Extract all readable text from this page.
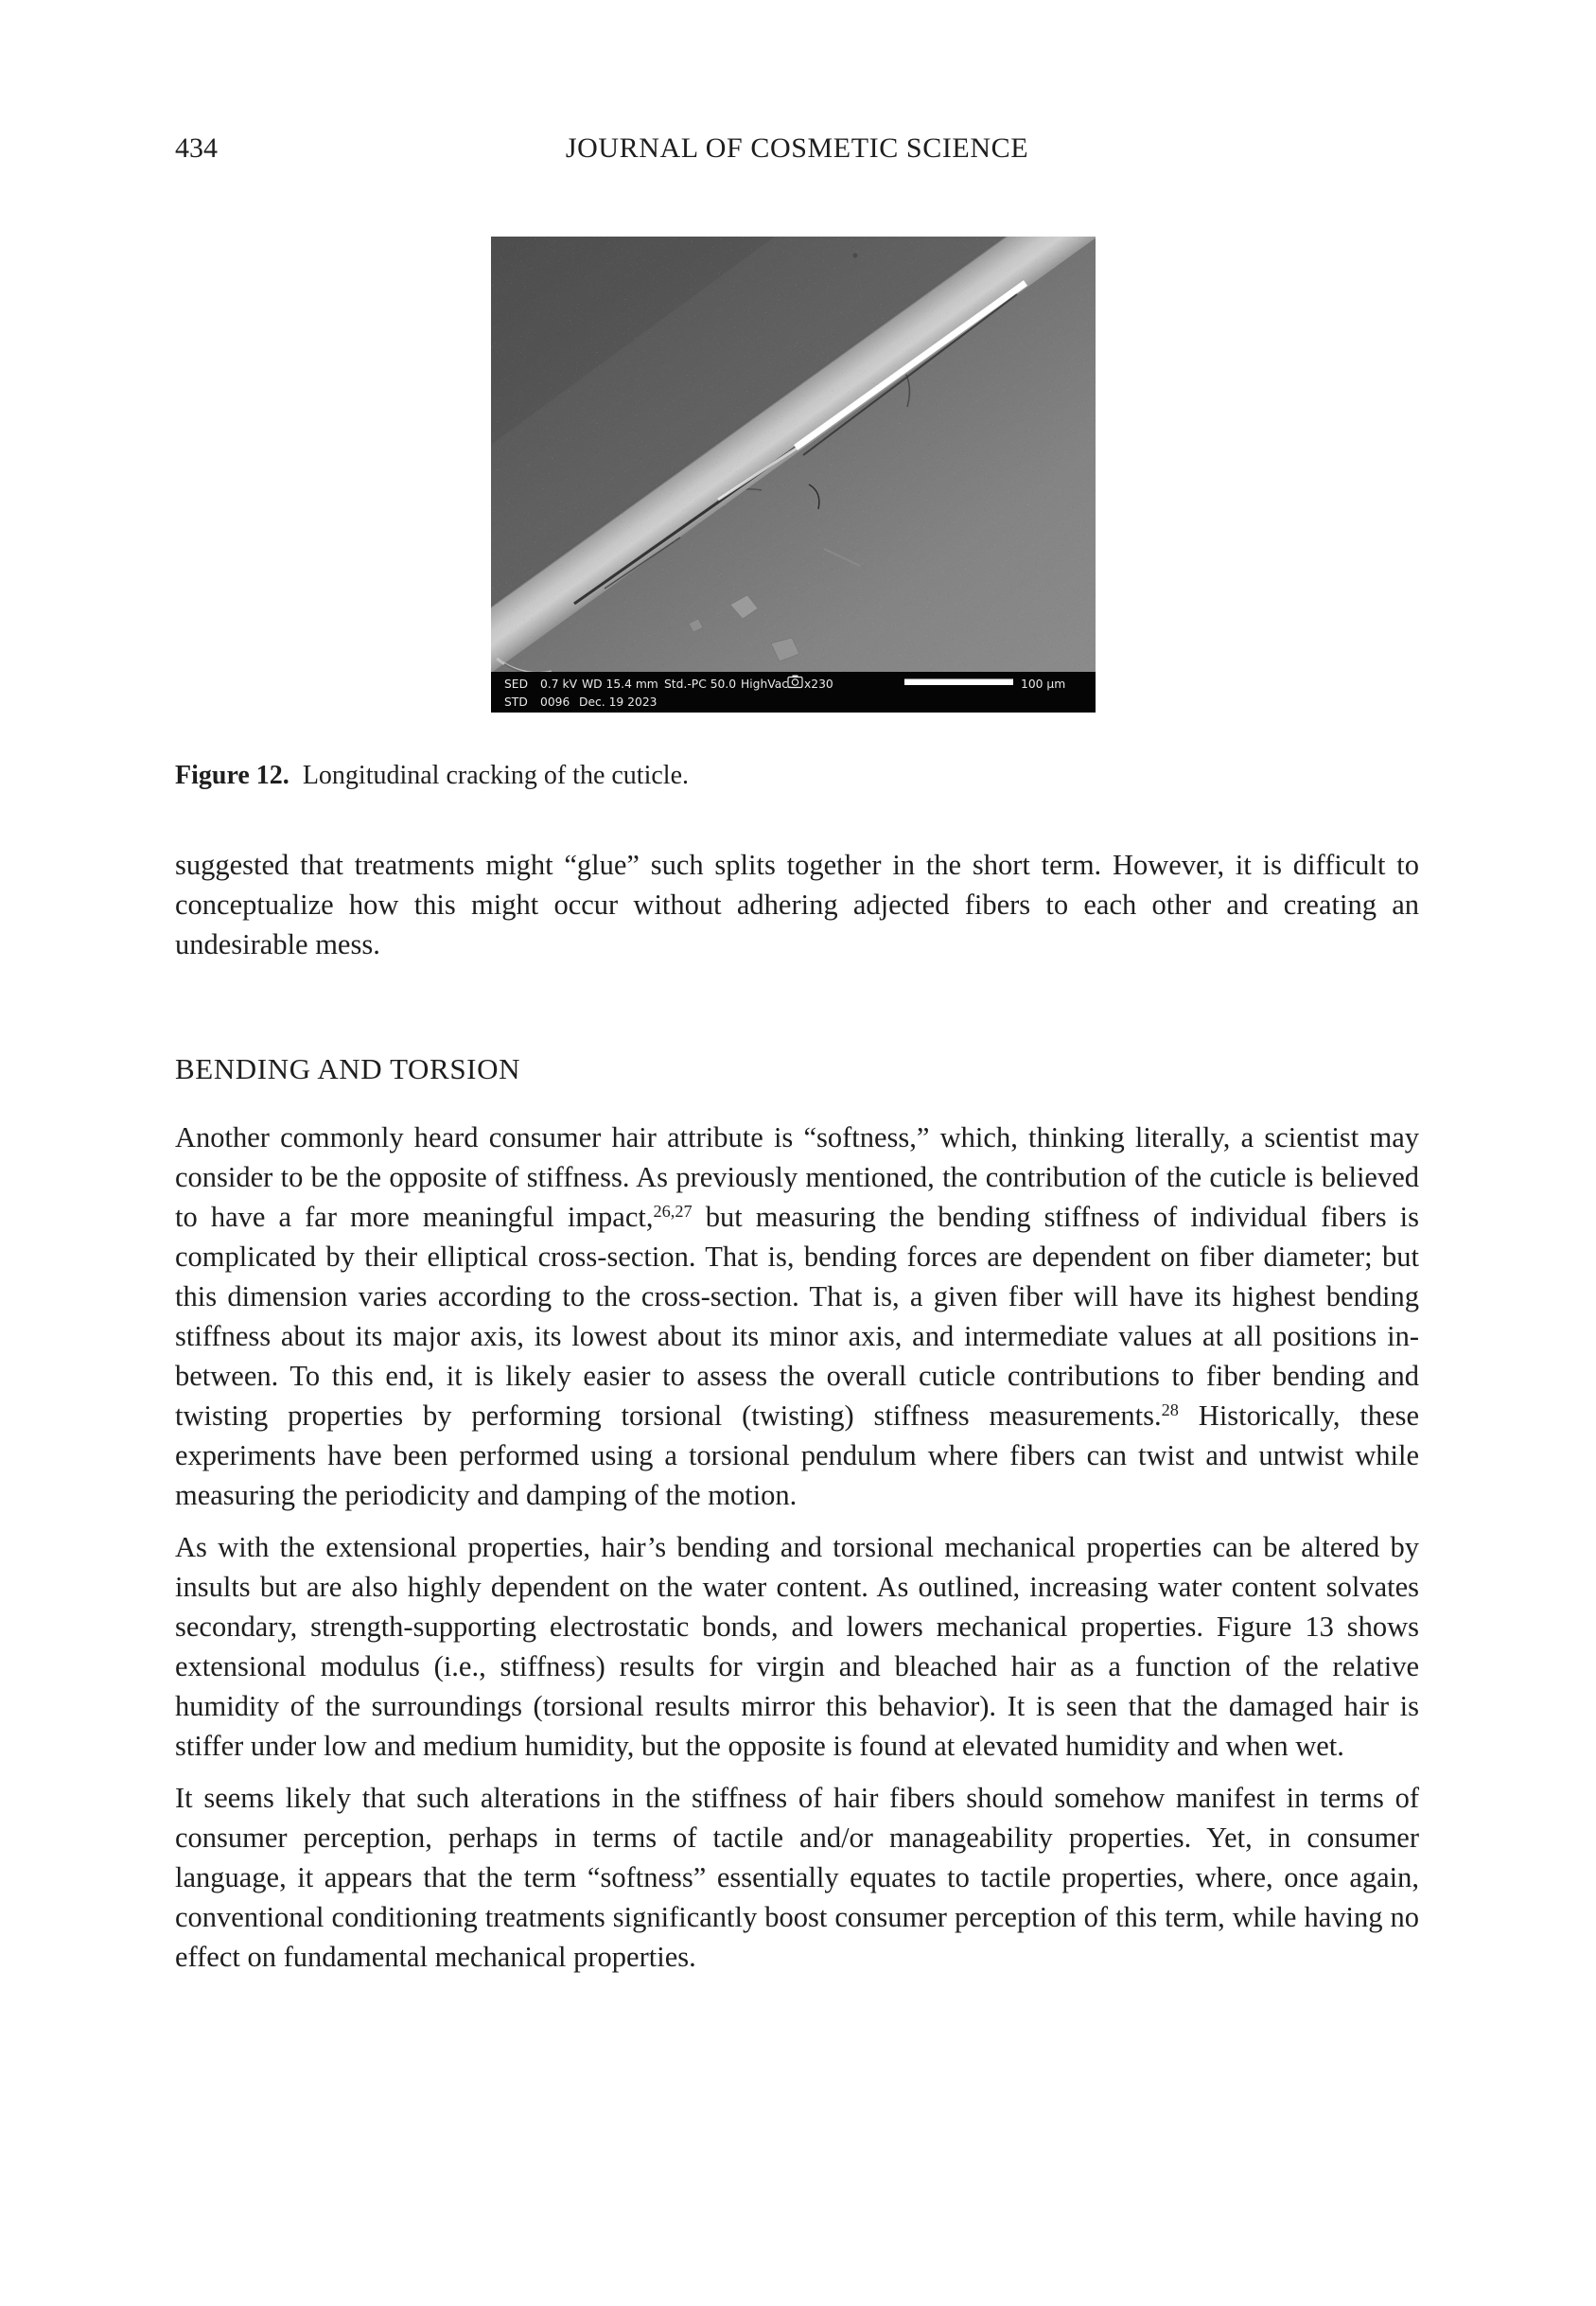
434	JOURNAL OF COSMETIC SCIENCE
SED 0.7 kV WD 15.4 mm Std.-PC 50.0 HighVac. x230	100 μm
STD 0096 Dec. 19 2023

Figure 12. Longitudinal cracking of the cuticle.

suggested that treatments might “glue” such splits together in the short term. However, it is difficult to conceptualize how this might occur without adhering adjected fibers to each other and creating an undesirable mess.

BENDING AND TORSION

Another commonly heard consumer hair attribute is “softness,” which, thinking literally, a scientist may consider to be the opposite of stiffness. As previously mentioned, the contribution of the cuticle is believed to have a far more meaningful impact,$^{26,27}$ but measuring the bending stiffness of individual fibers is complicated by their elliptical cross-section. That is, bending forces are dependent on fiber diameter; but this dimension varies according to the cross-section. That is, a given fiber will have its highest bending stiffness about its major axis, its lowest about its minor axis, and intermediate values at all positions in-between. To this end, it is likely easier to assess the overall cuticle contributions to fiber bending and twisting properties by performing torsional (twisting) stiffness measurements.$^{28}$ Historically, these experiments have been performed using a torsional pendulum where fibers can twist and untwist while measuring the periodicity and damping of the motion.

As with the extensional properties, hair’s bending and torsional mechanical properties can be altered by insults but are also highly dependent on the water content. As outlined, increasing water content solvates secondary, strength-supporting electrostatic bonds, and lowers mechanical properties. Figure 13 shows extensional modulus (i.e., stiffness) results for virgin and bleached hair as a function of the relative humidity of the surroundings (torsional results mirror this behavior). It is seen that the damaged hair is stiffer under low and medium humidity, but the opposite is found at elevated humidity and when wet.

It seems likely that such alterations in the stiffness of hair fibers should somehow manifest in terms of consumer perception, perhaps in terms of tactile and/or manageability properties. Yet, in consumer language, it appears that the term “softness” essentially equates to tactile properties, where, once again, conventional conditioning treatments significantly boost consumer perception of this term, while having no effect on fundamental mechanical properties.
